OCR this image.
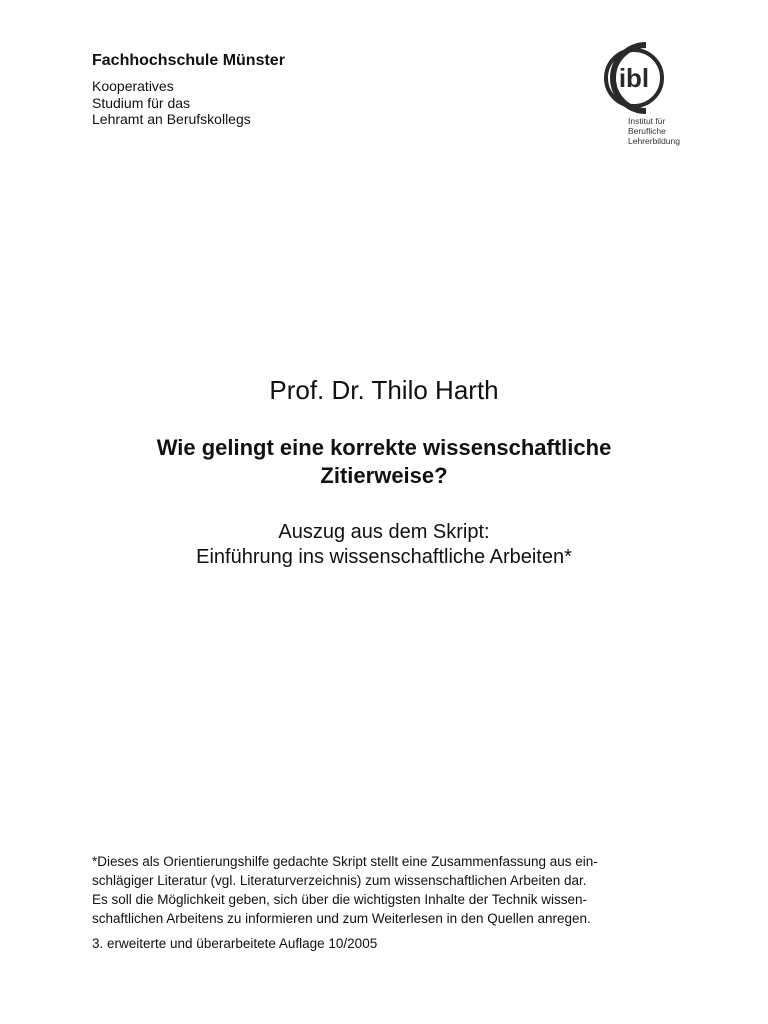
Fachhochschule Münster
Kooperatives
Studium für das
Lehramt an Berufskollegs
ibl
Institut für
Berufliche
Lehrerbildung
Prof. Dr. Thilo Harth
Wie gelingt eine korrekte wissenschaftliche
Zitierweise?
Auszug aus dem Skript:
Einführung ins wissenschaftliche Arbeiten*
*Dieses als Orientierungshilfe gedachte Skript stellt eine Zusammenfassung aus ein-
schlägiger Literatur (vgl. Literaturverzeichnis) zum wissenschaftlichen Arbeiten dar.
Es soll die Möglichkeit geben, sich über die wichtigsten Inhalte der Technik wissen-
schaftlichen Arbeitens zu informieren und zum Weiterlesen in den Quellen anregen.
3. erweiterte und überarbeitete Auflage 10/2005
